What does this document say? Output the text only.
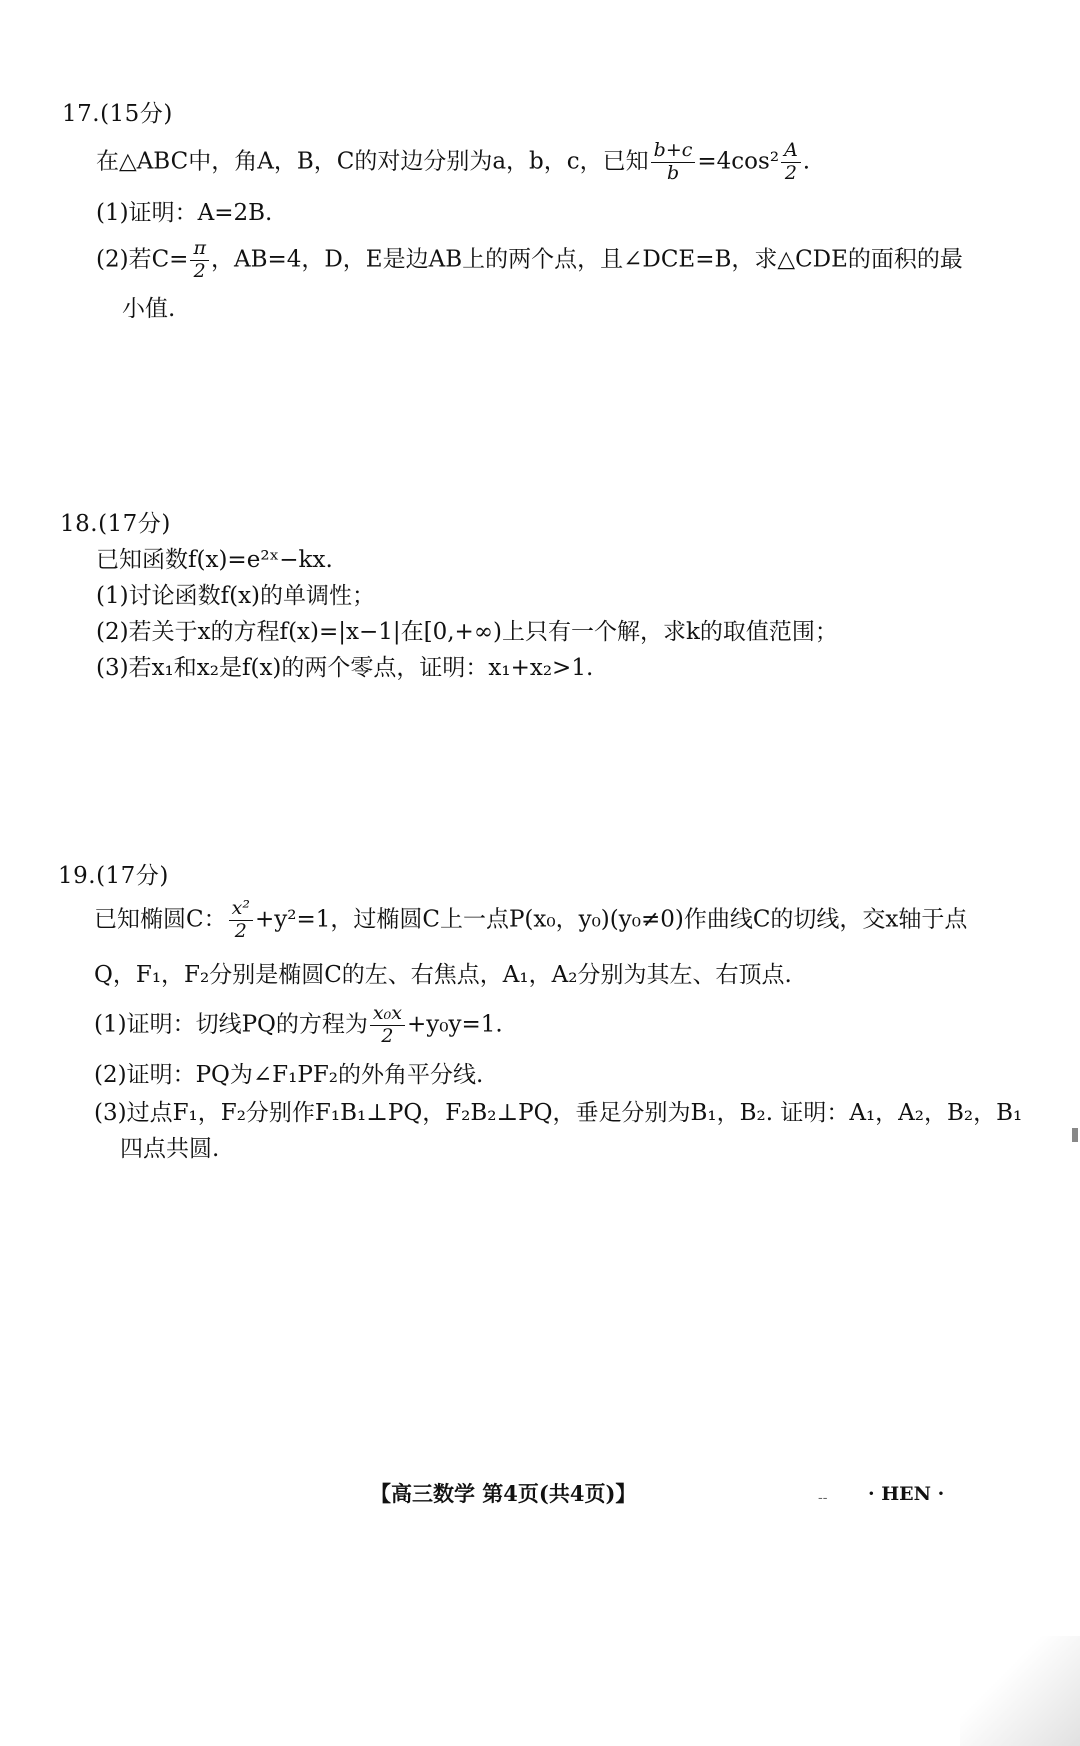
17.(15分)
在△ABC中，角A，B，C的对边分别为a，b，c，已知 $\frac{b+c}{b} =4\cos^2 \frac{A}{2}$ .
(1)证明：A=2B.
(2)若$C= \frac{\pi}{2}$ ，AB=4，D，E是边AB上的两个点，且∠DCE=B，求△CDE的面积的最
小值.
18.(17分)
已知函数f(x)=e²ˣ−kx.
(1)讨论函数f(x)的单调性；
(2)若关于x的方程f(x)=|x−1|在[0,+∞)上只有一个解，求k的取值范围；
(3)若x₁和x₂是f(x)的两个零点，证明：x₁+x₂>1.
19.(17分)
已知椭圆C： $\frac{\text{x²}}{2} +y^2=1$，过椭圆C上一点P(x₀，y₀)(y₀≠0)作曲线C的切线，交x轴于点
Q，F₁，F₂分别是椭圆C的左、右焦点，A₁，A₂分别为其左、右顶点.
(1)证明：切线PQ的方程为 $\frac{\text{x₀x}}{2} +y_0y=1$.
(2)证明：PQ为∠F₁PF₂的外角平分线.
(3)过点F₁，F₂分别作F₁B₁⊥PQ，F₂B₂⊥PQ，垂足分别为B₁，B₂. 证明：A₁，A₂，B₂，B₁
四点共圆.
【高三数学 第4页(共4页)】	-- · HEN ·
